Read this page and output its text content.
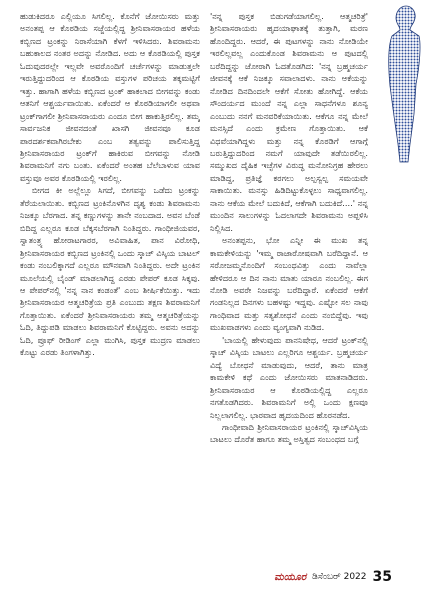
ಹುಡುಕಿದರೂ ಎಲ್ಲಿಯೂ ಸಿಗಲಿಲ್ಲ. ಕೊನೆಗೆ ಜೋಯಿಸರು ಮತ್ತು ಅನಂತಪ್ಪ ಆ ಕೊಠಡಿಯ ಸಜ್ಜೆಯಲ್ಲಿದ್ದ ಶ್ರೀನಿವಾಸರಾಯರ ಹಳೆಯ ಕಬ್ಬಿಣದ ಟ್ರಂಕನ್ನು ನಿರಾಸೆಯಾಗಿ ಕೆಳಗೆ ಇಳಿಸಿದರು. ಶಿವರಾಮನು ಬಹುಕಾಲದ ನಂತರ ಅದನ್ನು ನೋಡಿದ. ಅದು ಆ ಕೊಠಡಿಯಲ್ಲಿ ಪುಸ್ತಕ ಓದುವುದರಲ್ಲೇ ಇಲ್ಲವೇ ಅವರೊಂದಿಗೆ ಚರ್ಚೆಗಳನ್ನು ಮಾಡುತ್ತಲೇ ಇರುತ್ತಿದ್ದುದರಿಂದ ಆ ಕೊಠಡಿಯ ವಸ್ತುಗಳ ಪರಿಚಯ ತಕ್ಕಮಟ್ಟಿಗೆ ಇತ್ತು. ಹಾಗಾಗಿ ಹಳೆಯ ಕಬ್ಬಿಣದ ಟ್ರಂಕ್ ಹಾಕಲಾದ ಬೀಗವನ್ನು ಕಂಡು ಆತನಿಗೆ ಆಶ್ಚರ್ಯವಾಯಿತು. ಏಕೆಂದರೆ ಆ ಕೊಠಡಿಯಾಗಲೀ ಅಥವಾ ಟ್ರಂಕ್‌ಗಾಗಲೀ ಶ್ರೀನಿವಾಸರಾಯರು ಎಂದೂ ಬೀಗ ಹಾಕುತ್ತಿರಲಿಲ್ಲ. ತಮ್ಮ ಸಾರ್ವಜನಿಕ ಜೀವನದಂತೆ ಖಾಸಗಿ ಜೀವನವೂ ಕೂಡ ಪಾರದರ್ಶಕವಾಗಿರಬೇಕು ಎಂಬ ತತ್ವವನ್ನು ಪಾಲಿಸುತ್ತಿದ್ದ ಶ್ರೀನಿವಾಸರಾಯರ ಟ್ರಂಕ್‌ಗೆ ಹಾಕಿರುವ ಬೀಗವನ್ನು ನೋಡಿ ಶಿವರಾಮನಿಗೆ ನಗು ಬಂತು. ಏಕೆಂದರೆ ಅಂತಹ ಬೆಲೆಬಾಳುವ ಯಾವ ವಸ್ತುವೂ ಅವರ ಕೊಠಡಿಯಲ್ಲಿ ಇರಲಿಲ್ಲ.

ಬೀಗದ ಕೀ ಅಲ್ಲೆಲ್ಲೂ ಸಿಗದೆ, ಬೀಗವನ್ನು ಒಡೆದು ಟ್ರಂಕನ್ನು ತೆರೆಯಲಾಯಿತು. ಕಬ್ಬಿಣದ ಟ್ರಂಕಿನೊಳಗಿನ ದೃಶ್ಯ ಕಂಡು ಶಿವರಾಮನು ನಿಜಕ್ಕೂ ಬೆರಗಾದ. ತನ್ನ ಕಣ್ಣುಗಳನ್ನು ತಾನೇ ನಂಬದಾದ. ಅವನ ಬೆಂಡೆ ಬಿದಿದ್ದ ಎಲ್ಲರೂ ಕೂಡ ಬೆಕ್ಕಸಬೆರಗಾಗಿ ನಿಂತಿದ್ದರು. ಗಾಂಧೀಜಿಯವರ, ಸ್ವಾತಂತ್ರ್ಯ ಹೋರಾಟಗಾರರ, ಅವಿವಾಹಿತ, ಪಾನ ವಿರೋಧಿ, ಶ್ರೀನಿವಾಸರಾಯರ ಕಬ್ಬಿಣದ ಟ್ರಂಕಿನಲ್ಲಿ ಒಂದು ಸ್ಕಾಚ್ ವಿಸ್ಕಿಯ ಬಾಟಲ್ ಕಂಡು ನಂಬಲಿಕ್ಕಾಗದೆ ಎಲ್ಲರೂ ಮೌನವಾಗಿ ನಿಂತಿದ್ದರು. ಅದೇ ಟ್ರಂಕಿನ ಮೂಲೆಯಲ್ಲಿ ಬೈಂಡ್ ಮಾಡಲಾಗಿದ್ದ ಎರಡು ಪೇಪರ್ ಕೂಡ ಸಿಕ್ಕವು. ಆ ಪೇಪರ್‌ನಲ್ಲಿ 'ನನ್ನ ನಾನ ಕಂಡಂತೆ' ಎಂಬ ಶೀರ್ಷಿಕೆಯಿತ್ತು. ಇದು ಶ್ರೀನಿವಾಸರಾಯರ ಆತ್ಮಚರಿತ್ರೆಯ ಪ್ರತಿ ಎಂಬುದು ತಕ್ಷಣ ಶಿವರಾಮನಿಗೆ ಗೊತ್ತಾಯಿತು. ಏಕೆಂದರೆ ಶ್ರೀನಿವಾಸರಾಯರು ತಮ್ಮ ಆತ್ಮಚರಿತ್ರೆಯನ್ನು ಓದಿ, ತಿದ್ದುಪಡಿ ಮಾಡಲು ಶಿವರಾಮನಿಗೆ ಕೊಟ್ಟಿದ್ದರು. ಅವನು ಅದನ್ನು ಓದಿ, ಪ್ರೂಫ್ ರೀಡಿಂಗ್ ಎಲ್ಲಾ ಮುಗಿಸಿ, ಪುಸ್ತಕ ಮುದ್ರಣ ಮಾಡಲು ಕೊಟ್ಟು ಎರಡು ತಿಂಗಳಾಗಿತ್ತು.

'ನನ್ನ ಪುಸ್ತಕ ಬಿಡುಗಡೆಯಾಗಲಿಲ್ಲ. ಆತ್ಮಚರಿತ್ರೆ' ಶ್ರೀನಿವಾಸರಾಯರು ಹೃದಯಾಘಾತಕ್ಕೆ ತುತ್ತಾಗಿ, ಮರಣ ಹೊಂದಿದ್ದರು. ಆದರೆ, ಈ ಪುಟಗಳನ್ನು ನಾನು ನೋಡಿಯೇ ಇರಲಿಲ್ಲವಲ್ಲ ಎಂದುಕೊಂಡ ಶಿವರಾಮನು ಆ ಪುಟದಲ್ಲಿ ಬರೆದಿದ್ದನ್ನು ಜೋರಾಗಿ ಓದತೊಡಗಿದ: 'ನನ್ನ ಬ್ರಹ್ಮಚರ್ಯ ಜೀವನಕ್ಕೆ ಆಕೆ ನಿಜಕ್ಕೂ ಸವಾಲಾದಳು. ನಾನು ಆಕೆಯನ್ನು ನೋಡಿದ ದಿನದಿಂದಲೇ ಆಕೆಗೆ ಸೋತು ಹೋಗಿದ್ದೆ. ಆಕೆಯ ಸೌಂದರ್ಯದ ಮುಂದೆ ನನ್ನ ಎಲ್ಲಾ ಸಾಧನೆಗಳೂ ಶೂನ್ಯ ಎಂಬುದು ನನಗೆ ಮನವರಿಕೆಯಾಯಿತು. ಆಕೆಗೂ ನನ್ನ ಮೇಲೆ ಮನಸ್ಸಿದೆ ಎಂದು ಕ್ರಮೇಣ ಗೊತ್ತಾಯಿತು. ಆಕೆ ವಿಧವೆಯಾಗಿದ್ದಳು ಮತ್ತು ನನ್ನ ಕೊಠಡಿಗೆ ಆಗಾಗ್ಗೆ ಬರುತ್ತಿದ್ದುದರಿಂದ ನಮಗೆ ಯಾವುದೇ ತಡೆಯಿರಲಿಲ್ಲ. ಸಮ್ಮುಖದ ದೈಹಿಕ ಇಚ್ಛೆಗಳ ವಿರುದ್ಧ ಮನೋನಿಗ್ರಹ ಹೇರಲು ಮಾಡಿದ್ದ, ಪ್ರತಿಜ್ಞೆ ಕರಗಲು ಅಲ್ಪಸ್ವಲ್ಪ ಸಮಯವೇ ಸಾಕಾಯಿತು. ಮನಸ್ಸು ಹಿಡಿದಿಟ್ಟುಕೊಳ್ಳಲು ಸಾಧ್ಯವಾಗಲಿಲ್ಲ. ನಾನು ಆಕೆಯ ಮೇಲೆ ಬದುಕಿದೆ, ಆಕೆಗಾಗಿ ಬದುಕಿದೆ....' ನನ್ನ ಮುಂದಿನ ಸಾಲುಗಳನ್ನು ಓದಲಾಗದೇ ಶಿವರಾಮನು ಅಪ್ಪಳಿಸಿ ನಿಲ್ಲಿಸಿದ.

ಅನಂತಪ್ಪನು, ಭೋ ಎನ್ನೀ ಈ ಮುಖ ತನ್ನ ಕಾಮಕೇಳಿಯನ್ನು 'ಇಮ್ಮ ರಾಜಾರೋಷವಾಗಿ ಬರೆದಿದ್ದಾನೆ. ಆ ಸರೋಜಮ್ಮನೊಂದಿಗೆ ಸಂಬಂಧವಿತ್ತು ಎಂದು ನಾವೆಲ್ಲಾ ಹೇಳಿದರೂ ಆ ದಿನ ನಾನು ಮಾತು ಯಾರೂ ನಂಬಲಿಲ್ಲ. ಈಗ ನೋಡಿ ಅವರೇ ನಿಜವನ್ನು ಬರೆದಿದ್ದಾರೆ. ಏಕೆಂದರೆ ಆಕೆಗೆ ಗಂಡನಿಲ್ಲದ ದಿನಗಳು ಬಹಳಷ್ಟು ಇದ್ದವು. ಎಷ್ಟೋ ಸಲ ನಾವು ಗಾಂಧಿವಾದ ಮತ್ತು ಸತ್ಯಶೋಧನೆ ಎಂದು ನಂಬಿದ್ದೆವು. ಇವು ಮುಖವಾಡಗಳು ಎಂದು ವ್ಯಂಗ್ಯವಾಗಿ ನುಡಿದ.

'ಬಾಯಲ್ಲಿ ಹೇಳುವುದು ಪಾನನಿಷೇಧ, ಆದರೆ ಟ್ರಂಕ್‌ನಲ್ಲಿ ಸ್ಕಾಚ್ ವಿಸ್ಕಿಯ ಬಾಟಲು ಎಲ್ಲರಿಗೂ ಆಶ್ಚರ್ಯ. ಬ್ರಹ್ಮಚರ್ಯ ವಿದ್ಯೆ ಬೋಧನೆ ಮಾಡುವುದು, ಆದರೆ, ತಾನು ಮಾತ್ರ ಕಾಮಕೇಳಿ ಕಥೆ ಎಂದು ಜೋಯಿಸರು ಮಾತನಾಡಿದರು. ಶ್ರೀನಿವಾಸರಾಯರ ಆ ಕೊಠಡಿಯಲ್ಲಿದ್ದ ಎಲ್ಲರೂ ನಗತೊಡಗಿದರು. ಶಿವರಾಮನಿಗೆ ಅಲ್ಲಿ ಒಂದು ಕ್ಷಣವೂ ನಿಲ್ಲಲಾಗಲಿಲ್ಲ. ಭಾರವಾದ ಹೃದಯದಿಂದ ಹೊರನಡೆದ.

ಗಾಂಧೀವಾದಿ ಶ್ರೀನಿವಾಸರಾಯರ ಟ್ರಂಕಿನಲ್ಲಿ ಸ್ಕಾಚ್‌ವಿಸ್ಕಿಯ ಬಾಟಲು ದೊರೆತ ಹಾಗೂ ತಮ್ಮ ಅಸ್ತಿತ್ವದ ಸಂಬಂಧದ ಬಗ್ಗೆ

ಮಯೂರ ಡಿಸೆಂಬರ್ 2022 35
